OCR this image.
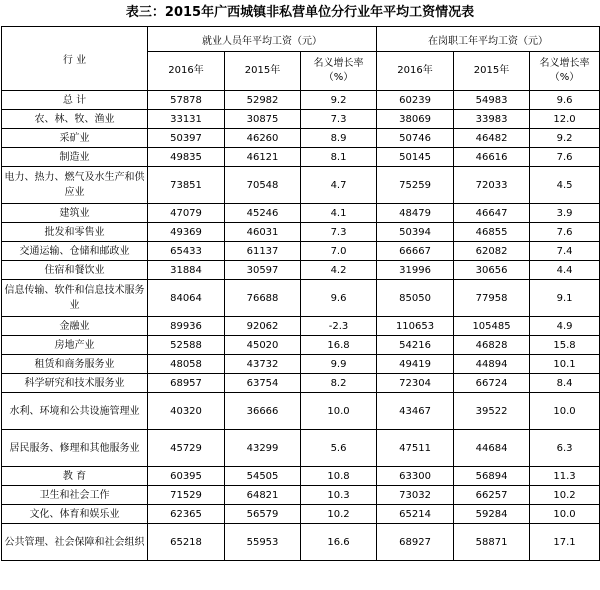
表三：2015年广西城镇非私营单位分行业年平均工资情况表
行 业	就业人员年平均工资（元）			在岗职工年平均工资（元）		
	2016年	2015年	名义增长率（%）	2016年	2015年	名义增长率（%）
总 计	57878	52982	9.2	60239	54983	9.6
农、林、牧、渔业	33131	30875	7.3	38069	33983	12.0
采矿业	50397	46260	8.9	50746	46482	9.2
制造业	49835	46121	8.1	50145	46616	7.6
电力、热力、燃气及水生产和供应业	73851	70548	4.7	75259	72033	4.5
建筑业	47079	45246	4.1	48479	46647	3.9
批发和零售业	49369	46031	7.3	50394	46855	7.6
交通运输、仓储和邮政业	65433	61137	7.0	66667	62082	7.4
住宿和餐饮业	31884	30597	4.2	31996	30656	4.4
信息传输、软件和信息技术服务业	84064	76688	9.6	85050	77958	9.1
金融业	89936	92062	-2.3	110653	105485	4.9
房地产业	52588	45020	16.8	54216	46828	15.8
租赁和商务服务业	48058	43732	9.9	49419	44894	10.1
科学研究和技术服务业	68957	63754	8.2	72304	66724	8.4
水利、环境和公共设施管理业	40320	36666	10.0	43467	39522	10.0
居民服务、修理和其他服务业	45729	43299	5.6	47511	44684	6.3
教 育	60395	54505	10.8	63300	56894	11.3
卫生和社会工作	71529	64821	10.3	73032	66257	10.2
文化、体育和娱乐业	62365	56579	10.2	65214	59284	10.0
公共管理、社会保障和社会组织	65218	55953	16.6	68927	58871	17.1
